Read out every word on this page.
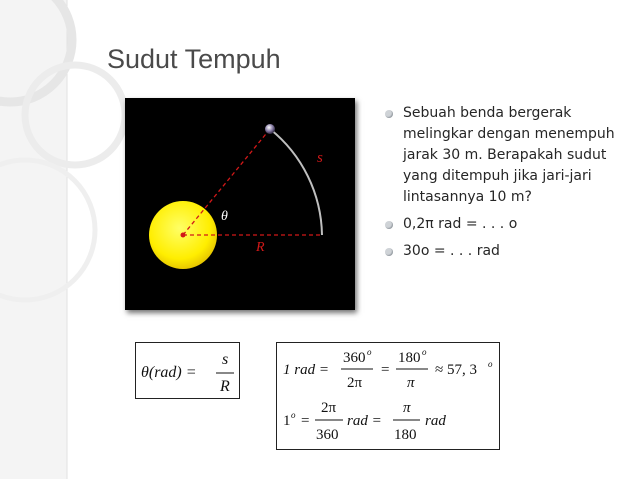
Sudut Tempuh
s
θ
R
Sebuah benda bergerak melingkar dengan menempuh jarak 30 m. Berapakah sudut yang ditempuh jika jari-jari lintasannya 10 m?
0,2π rad = . . . o
30o = . . . rad
θ(rad) =
s
R
1 rad =
360 o
2π
=
180 o
π
≈ 57, 3 o
1 o =
2π
360
rad =
π
180
rad
